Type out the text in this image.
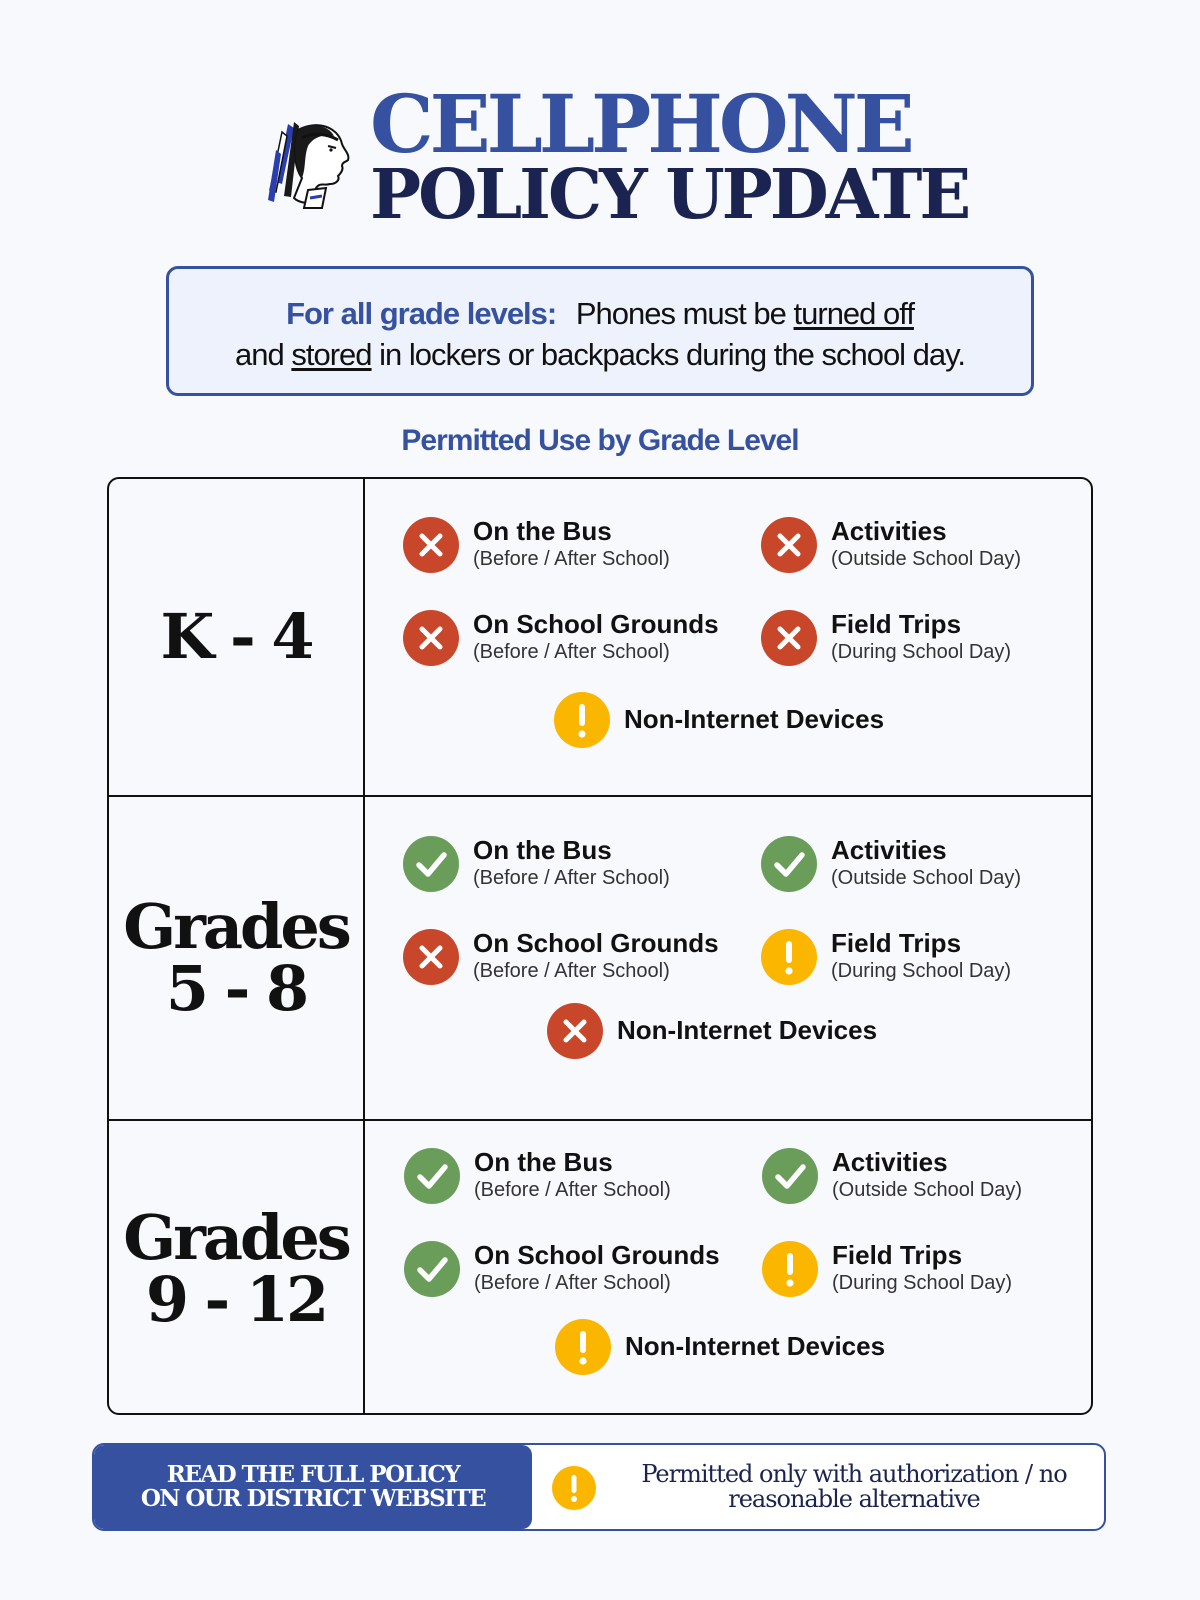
CELLPHONE
POLICY UPDATE
For all grade levels: Phones must be turned off
and stored in lockers or backpacks during the school day.
Permitted Use by Grade Level
K - 4
On the Bus
(Before / After School)
Activities
(Outside School Day)
On School Grounds
(Before / After School)
Field Trips
(During School Day)
Non-Internet Devices
Grades
5 - 8
On the Bus
(Before / After School)
Activities
(Outside School Day)
On School Grounds
(Before / After School)
Field Trips
(During School Day)
Non-Internet Devices
Grades
9 - 12
On the Bus
(Before / After School)
Activities
(Outside School Day)
On School Grounds
(Before / After School)
Field Trips
(During School Day)
Non-Internet Devices
READ THE FULL POLICY
ON OUR DISTRICT WEBSITE
Permitted only with authorization / no
reasonable alternative
